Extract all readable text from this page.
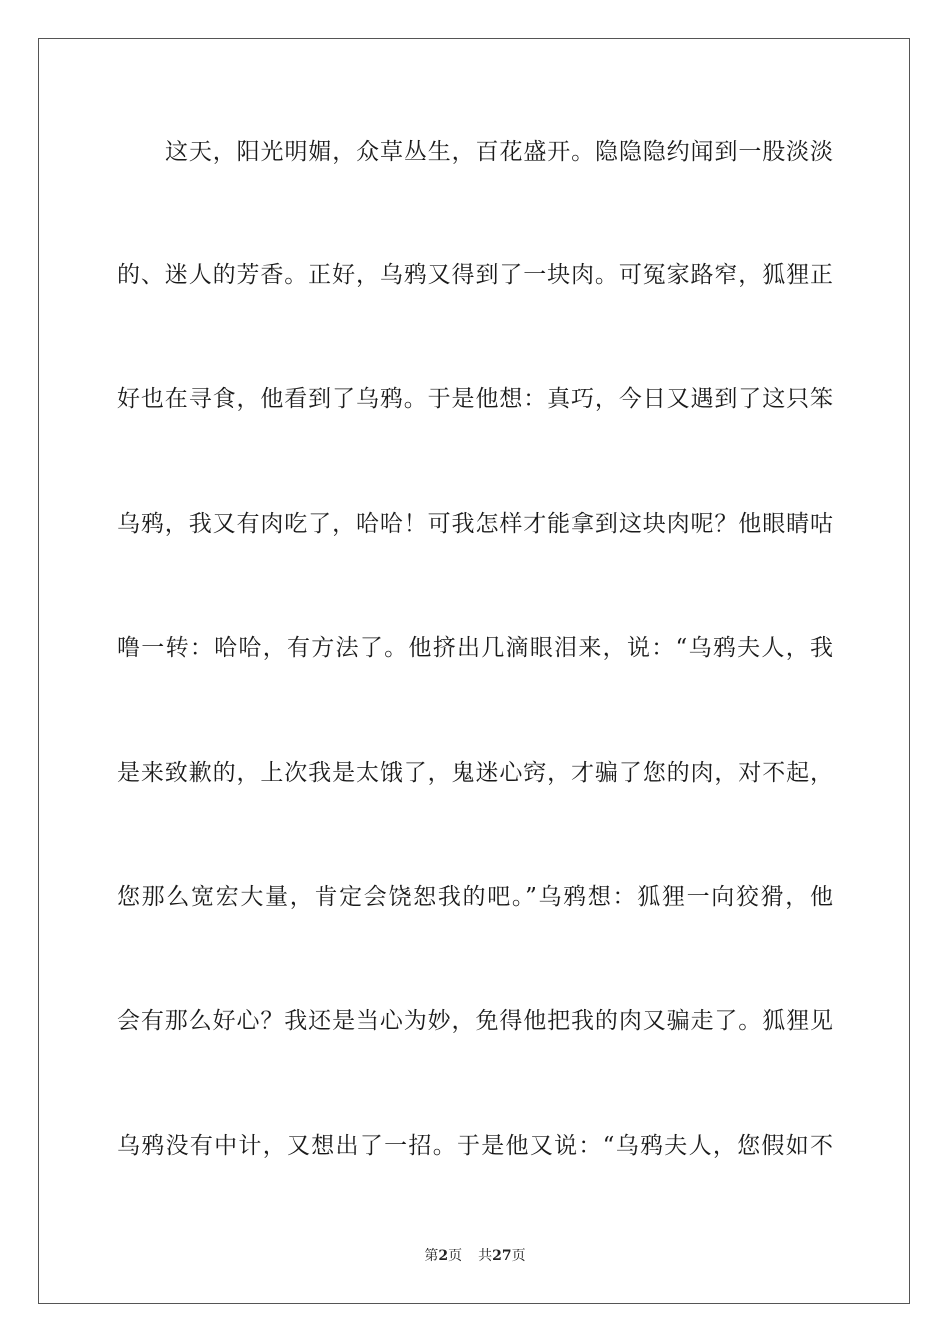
这天，阳光明媚，众草丛生，百花盛开。隐隐隐约闻到一股淡淡
的、迷人的芳香。正好，乌鸦又得到了一块肉。可冤家路窄，狐狸正
好也在寻食，他看到了乌鸦。于是他想：真巧，今日又遇到了这只笨
乌鸦，我又有肉吃了，哈哈！可我怎样才能拿到这块肉呢？他眼睛咕
噜一转：哈哈，有方法了。他挤出几滴眼泪来，说：“乌鸦夫人，我
是来致歉的，上次我是太饿了，鬼迷心窍，才骗了您的肉，对不起，
您那么宽宏大量，肯定会饶恕我的吧。”乌鸦想：狐狸一向狡猾，他
会有那么好心？我还是当心为妙，免得他把我的肉又骗走了。狐狸见
乌鸦没有中计，又想出了一招。于是他又说：“乌鸦夫人，您假如不
第2页 共27页
